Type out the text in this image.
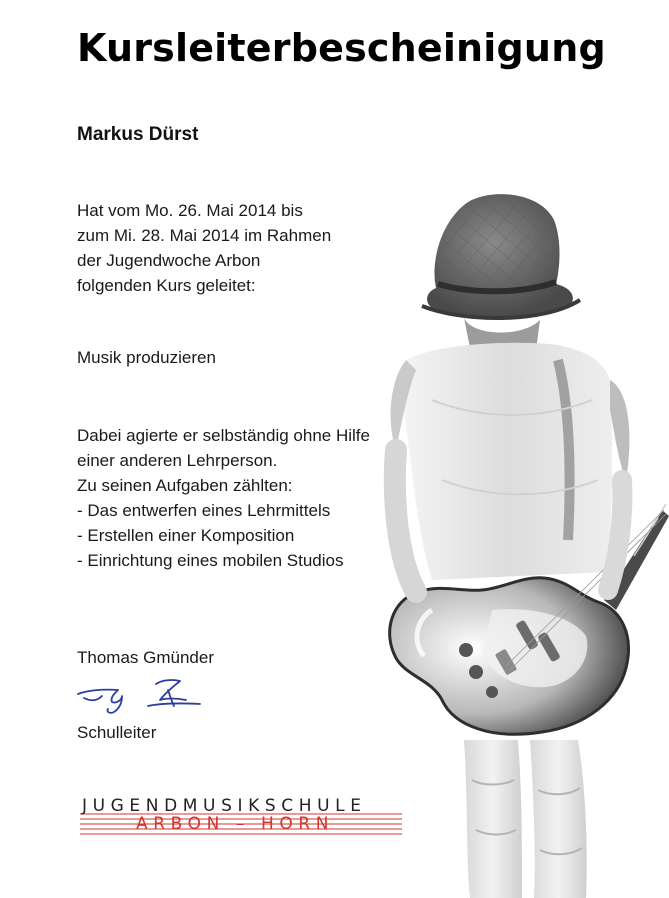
Kursleiterbescheinigung
Markus Dürst
Hat vom Mo. 26. Mai 2014 bis
zum Mi. 28. Mai 2014 im Rahmen
der Jugendwoche Arbon
folgenden Kurs geleitet:
Musik produzieren
Dabei agierte er selbständig ohne Hilfe
einer anderen Lehrperson.
Zu seinen Aufgaben zählten:
- Das entwerfen eines Lehrmittels
- Erstellen einer Komposition
- Einrichtung eines mobilen Studios
Thomas Gmünder
Schulleiter
JUGENDMUSIKSCHULE
ARBON – HORN
